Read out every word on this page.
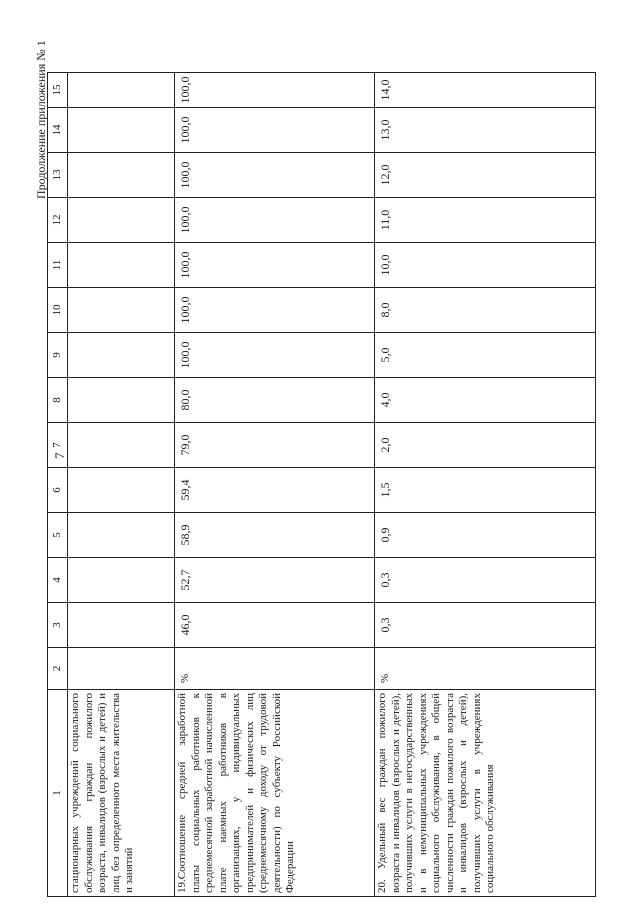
7
Продолжение приложения № 1
1	2	3	4	5	6	7	8	9	10	11	12	13	14	15
стационарных учреждений социального обслуживания граждан пожилого возраста, инвалидов (взрослых и детей) и лиц без определенного места жительства и занятий														
19.Соотношение средней заработной платы социальных работников к среднемесячной заработной начисленной плате наемных работников в организациях, у индивидуальных предпринимателей и физических лиц (среднемесячному доходу от трудовой деятельности) по субъекту Российской Федерации	%	46,0	52,7	58,9	59,4	79,0	80,0	100,0	100,0	100,0	100,0	100,0	100,0	100,0
20. Удельный вес граждан пожилого возраста и инвалидов (взрослых и детей), получивших услуги в негосударственных и в немуниципальных учреждениях социального обслуживания, в общей численности граждан пожилого возраста и инвалидов (взрослых и детей), получивших услуги в учреждениях социального обслуживания	%	0,3	0,3	0,9	1,5	2,0	4,0	5,0	8,0	10,0	11,0	12,0	13,0	14,0
